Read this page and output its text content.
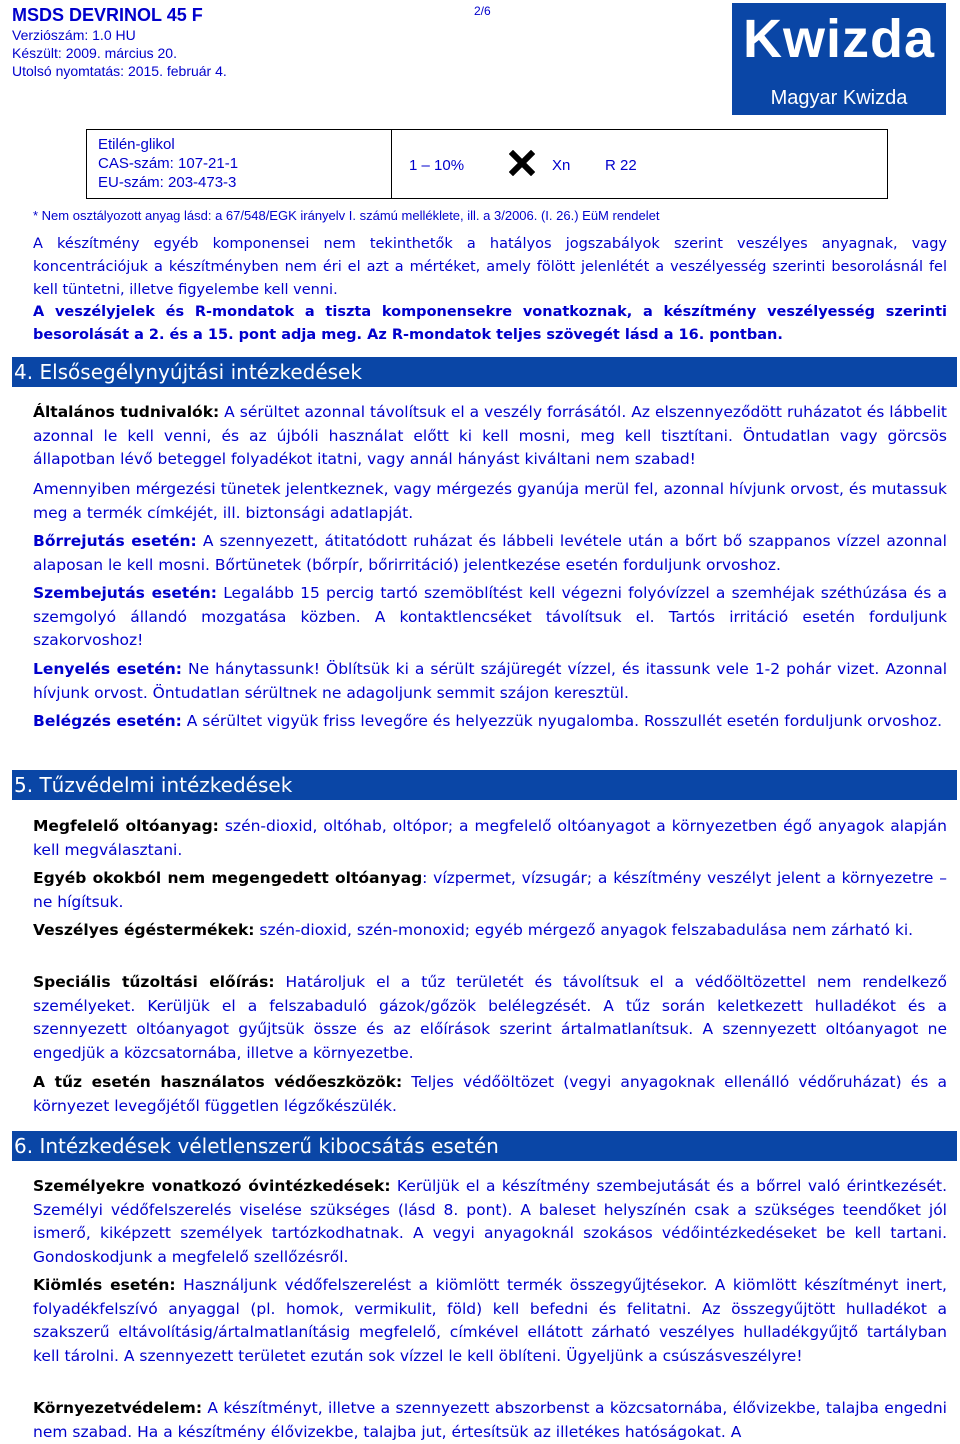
MSDS DEVRINOL 45 F
Verziószám: 1.0 HU
Készült: 2009. március 20.
Utolsó nyomtatás: 2015. február 4.
2/6	Kwizda
Magyar Kwizda
Etilén-glikol
CAS-szám: 107-21-1
EU-szám: 203-473-3
1 – 10%	Xn R 22
* Nem osztályozott anyag lásd: a 67/548/EGK irányelv I. számú melléklete, ill. a 3/2006. (I. 26.) EüM rendelet
A készítmény egyéb komponensei nem tekinthetők a hatályos jogszabályok szerint veszélyes anyagnak, vagy koncentrációjuk a készítményben nem éri el azt a mértéket, amely fölött jelenlétét a veszélyesség szerinti besorolásnál fel kell tüntetni, illetve figyelembe kell venni.
A veszélyjelek és R-mondatok a tiszta komponensekre vonatkoznak, a készítmény veszélyesség szerinti besorolását a 2. és a 15. pont adja meg. Az R-mondatok teljes szövegét lásd a 16. pontban.
4. Elsősegélynyújtási intézkedések
Általános tudnivalók: A sérültet azonnal távolítsuk el a veszély forrásától. Az elszennyeződött ruházatot és lábbelit azonnal le kell venni, és az újbóli használat előtt ki kell mosni, meg kell tisztítani. Öntudatlan vagy görcsös állapotban lévő beteggel folyadékot itatni, vagy annál hányást kiváltani nem szabad!
Amennyiben mérgezési tünetek jelentkeznek, vagy mérgezés gyanúja merül fel, azonnal hívjunk orvost, és mutassuk meg a termék címkéjét, ill. biztonsági adatlapját.
Bőrrejutás esetén: A szennyezett, átitatódott ruházat és lábbeli levétele után a bőrt bő szappanos vízzel azonnal alaposan le kell mosni. Bőrtünetek (bőrpír, bőrirritáció) jelentkezése esetén forduljunk orvoshoz.
Szembejutás esetén: Legalább 15 percig tartó szemöblítést kell végezni folyóvízzel a szemhéjak széthúzása és a szemgolyó állandó mozgatása közben. A kontaktlencséket távolítsuk el. Tartós irritáció esetén forduljunk szakorvoshoz!
Lenyelés esetén: Ne hánytassunk! Öblítsük ki a sérült szájüregét vízzel, és itassunk vele 1-2 pohár vizet. Azonnal hívjunk orvost. Öntudatlan sérültnek ne adagoljunk semmit szájon keresztül.
Belégzés esetén: A sérültet vigyük friss levegőre és helyezzük nyugalomba. Rosszullét esetén forduljunk orvoshoz.
5. Tűzvédelmi intézkedések
Megfelelő oltóanyag: szén-dioxid, oltóhab, oltópor; a megfelelő oltóanyagot a környezetben égő anyagok alapján kell megválasztani.
Egyéb okokból nem megengedett oltóanyag: vízpermet, vízsugár; a készítmény veszélyt jelent a környezetre – ne hígítsuk.
Veszélyes égéstermékek: szén-dioxid, szén-monoxid; egyéb mérgező anyagok felszabadulása nem zárható ki.
Speciális tűzoltási előírás: Határoljuk el a tűz területét és távolítsuk el a védőöltözettel nem rendelkező személyeket. Kerüljük el a felszabaduló gázok/gőzök belélegzését. A tűz során keletkezett hulladékot és a szennyezett oltóanyagot gyűjtsük össze és az előírások szerint ártalmatlanítsuk. A szennyezett oltóanyagot ne engedjük a közcsatornába, illetve a környezetbe.
A tűz esetén használatos védőeszközök: Teljes védőöltözet (vegyi anyagoknak ellenálló védőruházat) és a környezet levegőjétől független légzőkészülék.
6. Intézkedések véletlenszerű kibocsátás esetén
Személyekre vonatkozó óvintézkedések: Kerüljük el a készítmény szembejutását és a bőrrel való érintkezését. Személyi védőfelszerelés viselése szükséges (lásd 8. pont). A baleset helyszínén csak a szükséges teendőket jól ismerő, kiképzett személyek tartózkodhatnak. A vegyi anyagoknál szokásos védőintézkedéseket be kell tartani. Gondoskodjunk a megfelelő szellőzésről.
Kiömlés esetén: Használjunk védőfelszerelést a kiömlött termék összegyűjtésekor. A kiömlött készítményt inert, folyadékfelszívó anyaggal (pl. homok, vermikulit, föld) kell befedni és felitatni. Az összegyűjtött hulladékot a szakszerű eltávolításig/ártalmatlanításig megfelelő, címkével ellátott zárható veszélyes hulladékgyűjtő tartályban kell tárolni. A szennyezett területet ezután sok vízzel le kell öblíteni. Ügyeljünk a csúszásveszélyre!
Környezetvédelem: A készítményt, illetve a szennyezett abszorbenst a közcsatornába, élővizekbe, talajba engedni nem szabad. Ha a készítmény élővizekbe, talajba jut, értesítsük az illetékes hatóságokat. A
